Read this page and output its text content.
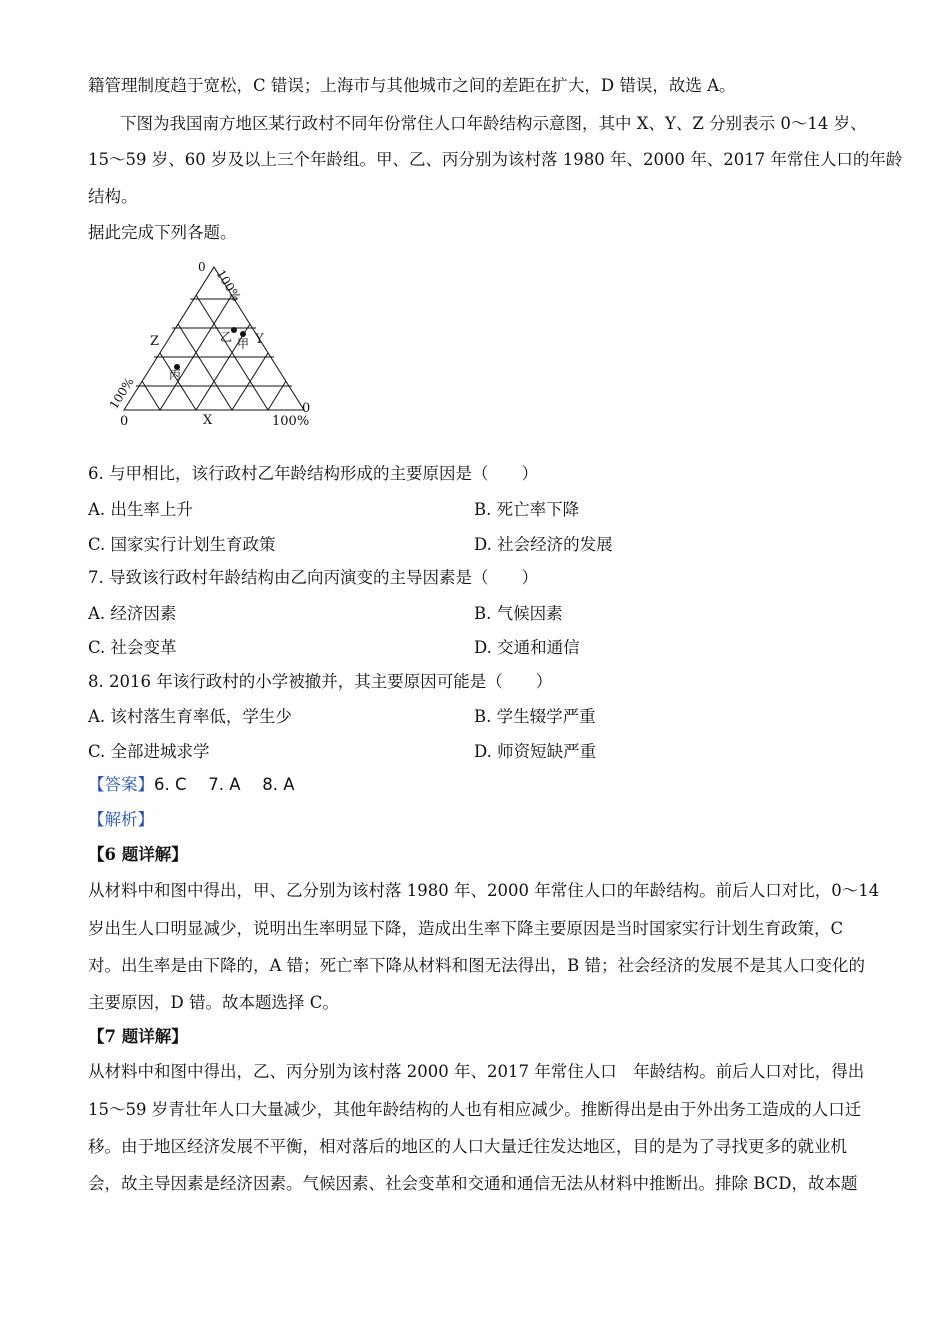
籍管理制度趋于宽松，C 错误；上海市与其他城市之间的差距在扩大，D 错误，故选 A。
下图为我国南方地区某行政村不同年份常住人口年龄结构示意图，其中 X、Y、Z 分别表示 0～14 岁、
15～59 岁、60 岁及以上三个年龄组。甲、乙、丙分别为该村落 1980 年、2000 年、2017 年常住人口的年龄
结构。
据此完成下列各题。
0
100%
100%
0
0
100%
X
Y
Z	乙 甲
丙
6. 与甲相比，该行政村乙年龄结构形成的主要原因是（　　）
A. 出生率上升	B. 死亡率下降
C. 国家实行计划生育政策	D. 社会经济的发展
7. 导致该行政村年龄结构由乙向丙演变的主导因素是（　　）
A. 经济因素	B. 气候因素
C. 社会变革	D. 交通和通信
8. 2016 年该行政村的小学被撤并，其主要原因可能是（　　）
A. 该村落生育率低，学生少	B. 学生辍学严重
C. 全部进城求学	D. 师资短缺严重
【答案】6. C　 7. A　 8. A
【解析】
【6 题详解】
从材料中和图中得出，甲、乙分别为该村落 1980 年、2000 年常住人口的年龄结构。前后人口对比，0～14
岁出生人口明显减少，说明出生率明显下降，造成出生率下降主要原因是当时国家实行计划生育政策，C
对。出生率是由下降的，A 错；死亡率下降从材料和图无法得出，B 错；社会经济的发展不是其人口变化的
主要原因，D 错。故本题选择 C。
【7 题详解】
从材料中和图中得出，乙、丙分别为该村落 2000 年、2017 年常住人口　年龄结构。前后人口对比，得出
15～59 岁青壮年人口大量减少，其他年龄结构的人也有相应减少。推断得出是由于外出务工造成的人口迁
移。由于地区经济发展不平衡，相对落后的地区的人口大量迁往发达地区，目的是为了寻找更多的就业机
会，故主导因素是经济因素。气候因素、社会变革和交通和通信无法从材料中推断出。排除 BCD，故本题
